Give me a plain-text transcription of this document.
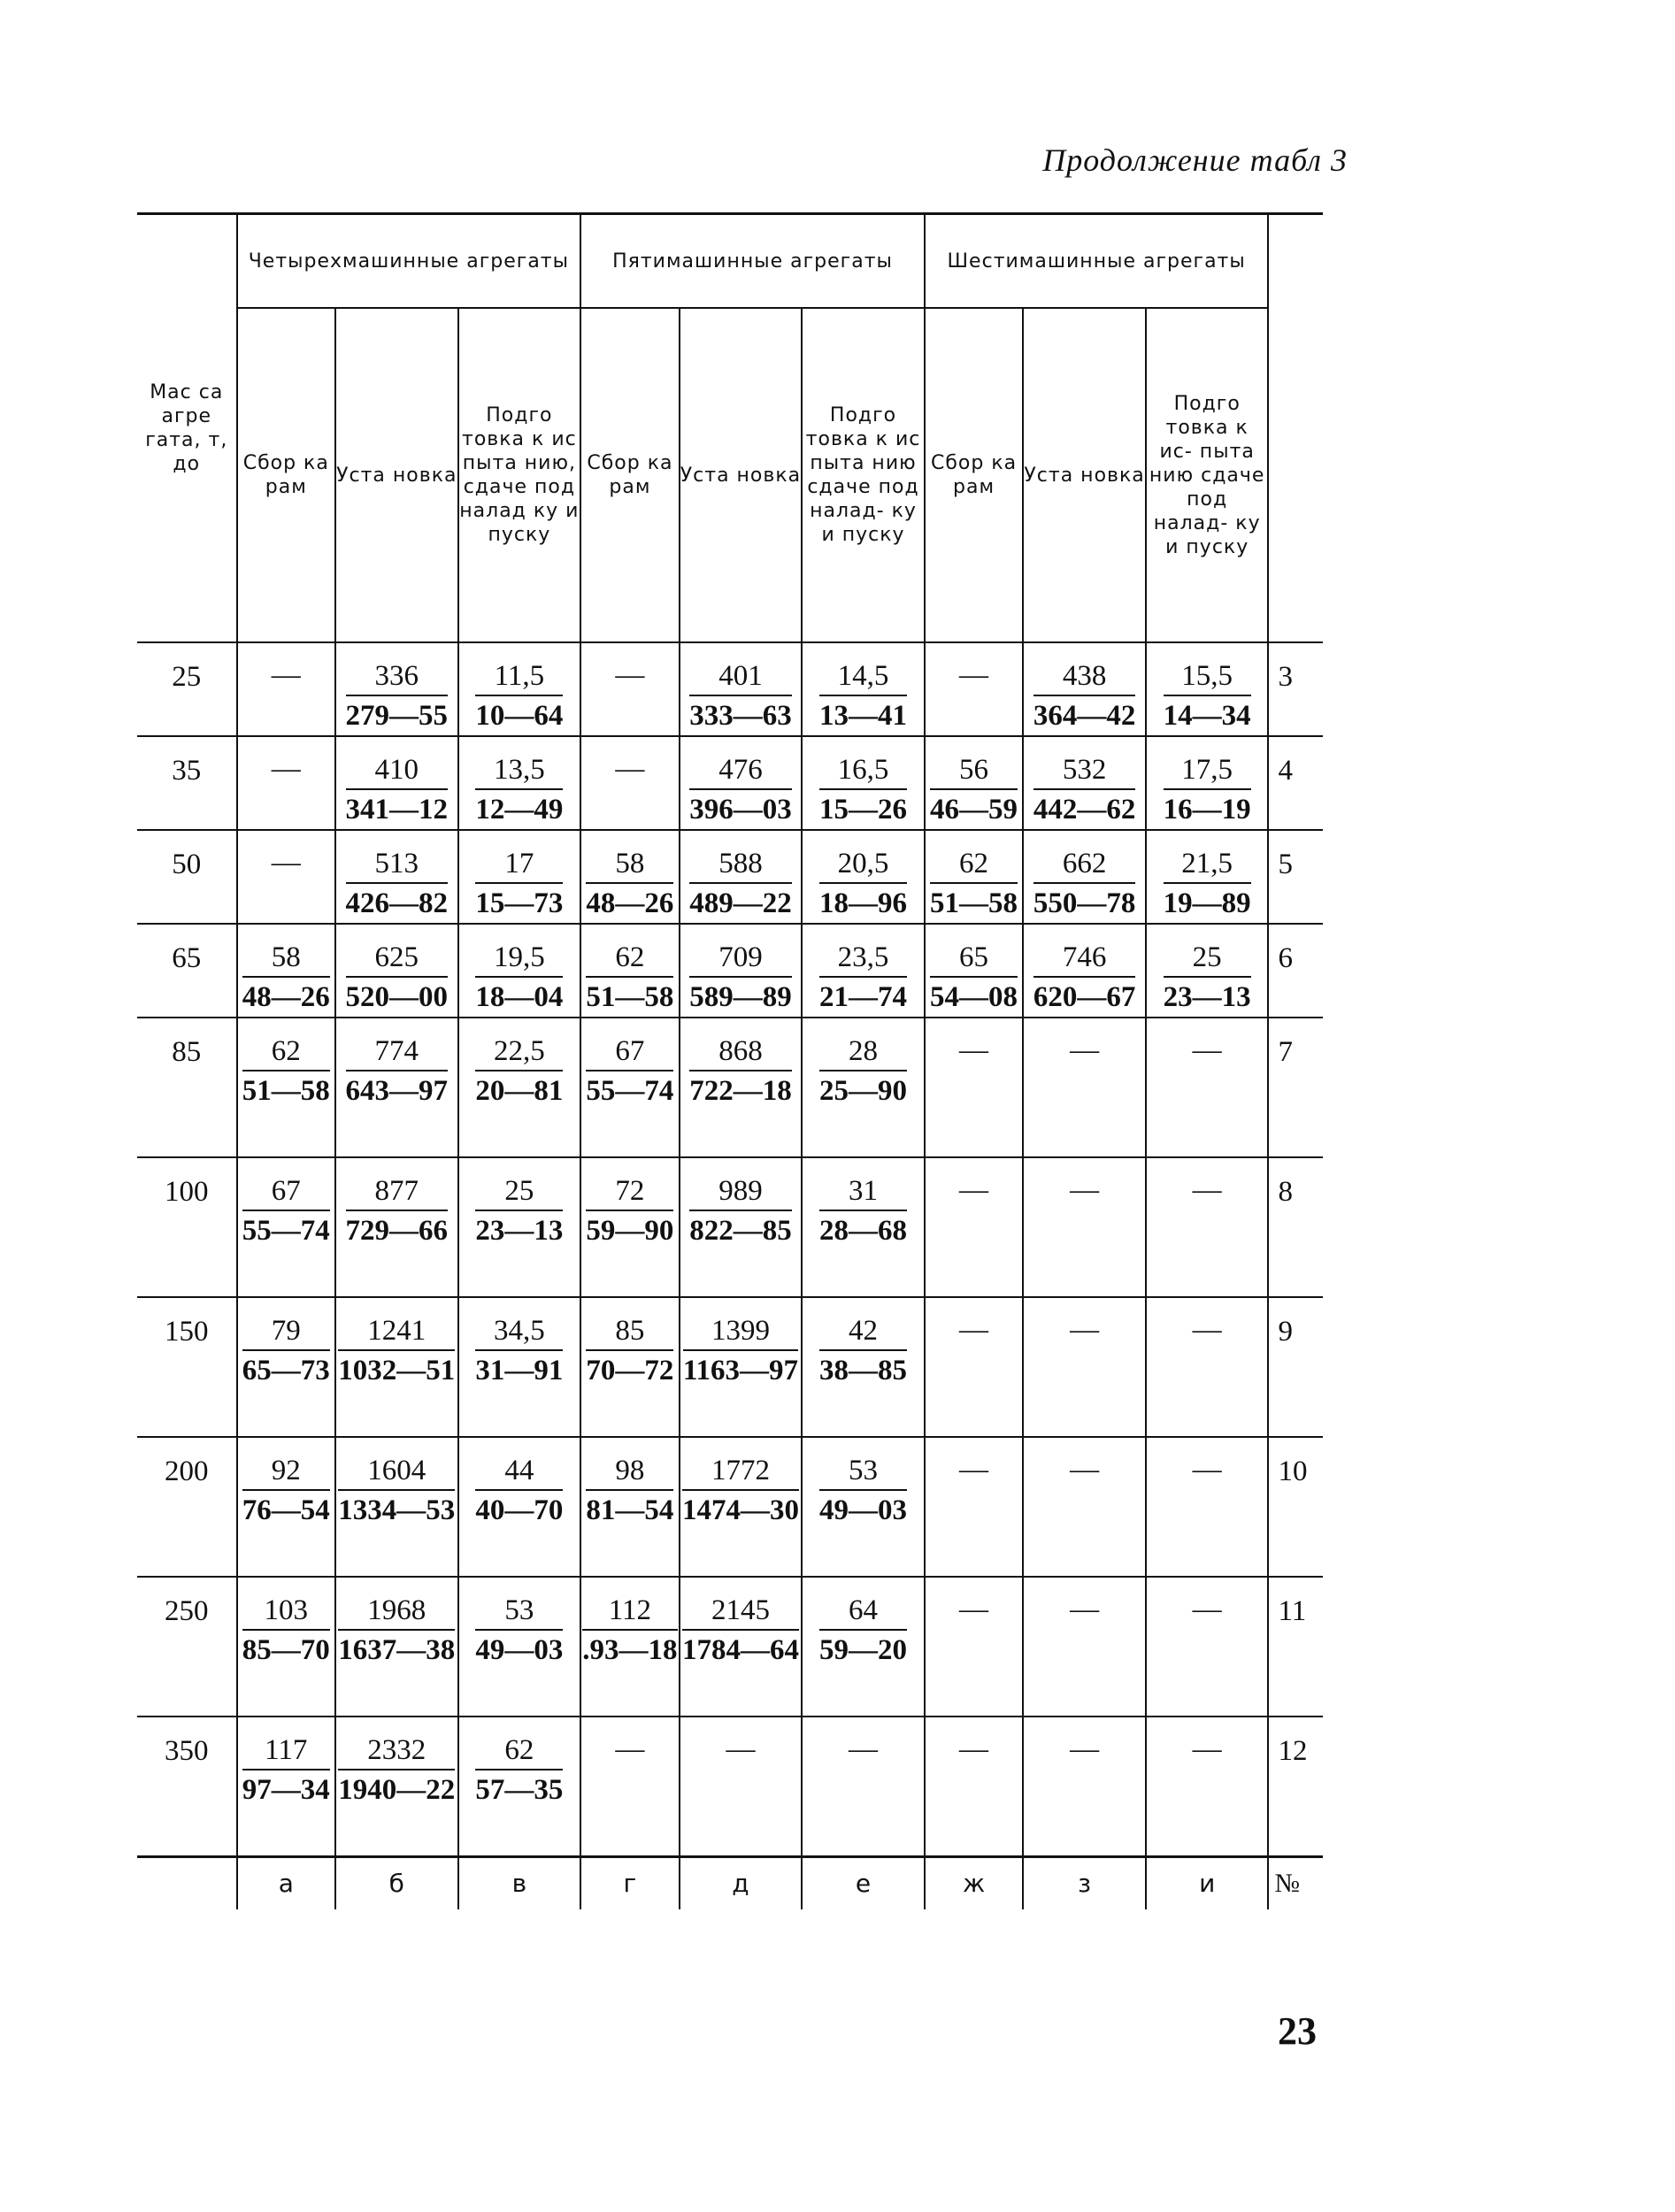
Продолжение табл 3
Мас са агре гата, т, до	Четырехмашинные агрегаты			Пятимашинные агрегаты			Шестимашинные агрегаты			
	Сбор ка рам	Уста новка	Подго товка к ис пыта нию, сдаче под налад ку и пуску	Сбор ка рам	Уста новка	Подго товка к ис пыта нию сдаче под налад- ку и пуску	Сбор ка рам	Уста новка	Подго товка к ис- пыта нию сдаче под налад- ку и пуску	
25	—	$\frac{336}{279—55}$	$\frac{11,5}{10—64}$	—	$\frac{401}{333—63}$	$\frac{14,5}{13—41}$	—	$\frac{438}{364—42}$	$\frac{15,5}{14—34}$	3
35	—	$\frac{410}{341—12}$	$\frac{13,5}{12—49}$	—	$\frac{476}{396—03}$	$\frac{16,5}{15—26}$	$\frac{56}{46—59}$	$\frac{532}{442—62}$	$\frac{17,5}{16—19}$	4
50	—	$\frac{513}{426—82}$	$\frac{17}{15—73}$	$\frac{58}{48—26}$	$\frac{588}{489—22}$	$\frac{20,5}{18—96}$	$\frac{62}{51—58}$	$\frac{662}{550—78}$	$\frac{21,5}{19—89}$	5
65	$\frac{58}{48—26}$	$\frac{625}{520—00}$	$\frac{19,5}{18—04}$	$\frac{62}{51—58}$	$\frac{709}{589—89}$	$\frac{23,5}{21—74}$	$\frac{65}{54—08}$	$\frac{746}{620—67}$	$\frac{25}{23—13}$	6
85	$\frac{62}{51—58}$	$\frac{774}{643—97}$	$\frac{22,5}{20—81}$	$\frac{67}{55—74}$	$\frac{868}{722—18}$	$\frac{28}{25—90}$	—	—	—	7
100	$\frac{67}{55—74}$	$\frac{877}{729—66}$	$\frac{25}{23—13}$	$\frac{72}{59—90}$	$\frac{989}{822—85}$	$\frac{31}{28—68}$	—	—	—	8
150	$\frac{79}{65—73}$	$\frac{1241}{1032—51}$	$\frac{34,5}{31—91}$	$\frac{85}{70—72}$	$\frac{1399}{1163—97}$	$\frac{42}{38—85}$	—	—	—	9
200	$\frac{92}{76—54}$	$\frac{1604}{1334—53}$	$\frac{44}{40—70}$	$\frac{98}{81—54}$	$\frac{1772}{1474—30}$	$\frac{53}{49—03}$	—	—	—	10
250	$\frac{103}{85—70}$	$\frac{1968}{1637—38}$	$\frac{53}{49—03}$	$\frac{112}{.93—18}$	$\frac{2145}{1784—64}$	$\frac{64}{59—20}$	—	—	—	11
350	$\frac{117}{97—34}$	$\frac{2332}{1940—22}$	$\frac{62}{57—35}$	—	—	—	—	—	—	12
	а	б	в	г	д	е	ж	з	и	№
23
